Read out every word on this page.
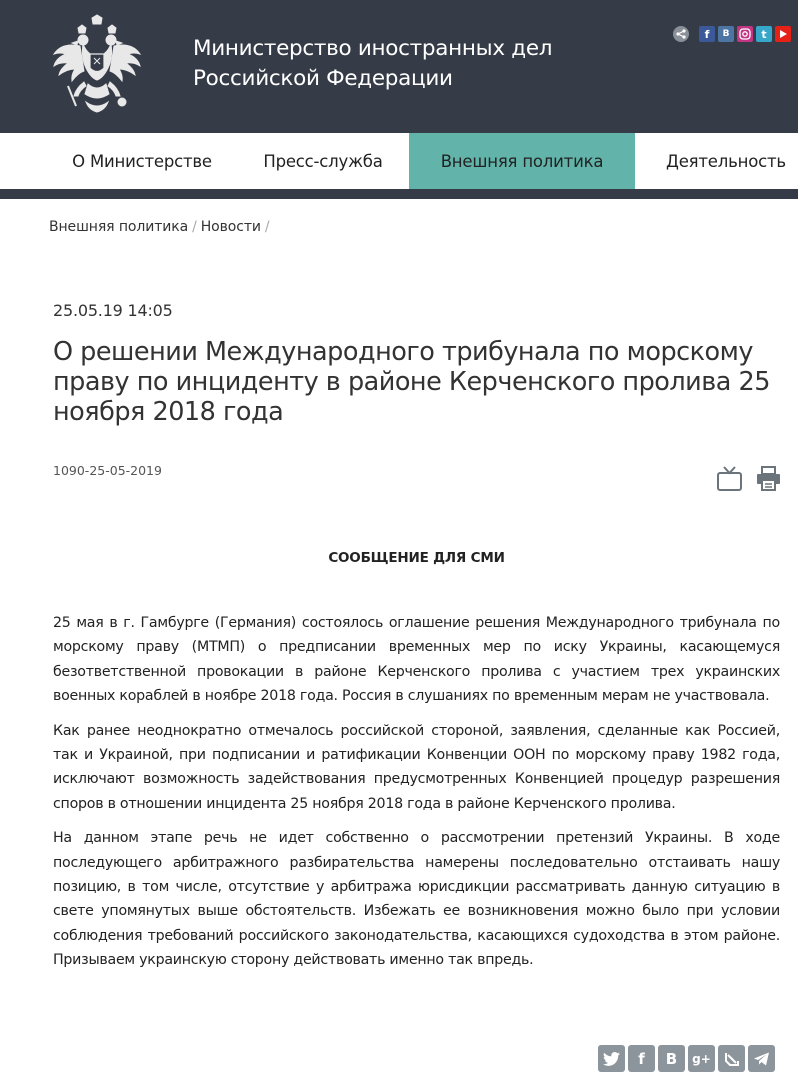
Министерство иностранных дел
Российской Федерации
f	B	t
О Министерстве	Пресс-служба	Внешняя политика	Деятельность
Внешняя политика / Новости /
25.05.19 14:05
О решении Международного трибунала по морскому праву по инциденту в районе Керченского пролива 25 ноября 2018 года
1090-25-05-2019
СООБЩЕНИЕ ДЛЯ СМИ

25 мая в г. Гамбурге (Германия) состоялось оглашение решения Международного трибунала по морскому праву (МТМП) о предписании временных мер по иску Украины, касающемуся безответственной провокации в районе Керченского пролива с участием трех украинских военных кораблей в ноябре 2018 года. Россия в слушаниях по временным мерам не участвовала.

Как ранее неоднократно отмечалось российской стороной, заявления, сделанные как Россией, так и Украиной, при подписании и ратификации Конвенции ООН по морскому праву 1982 года, исключают возможность задействования предусмотренных Конвенцией процедур разрешения споров в отношении инцидента 25 ноября 2018 года в районе Керченского пролива.

На данном этапе речь не идет собственно о рассмотрении претензий Украины. В ходе последующего арбитражного разбирательства намерены последовательно отстаивать нашу позицию, в том числе, отсутствие у арбитража юрисдикции рассматривать данную ситуацию в свете упомянутых выше обстоятельств. Избежать ее возникновения можно было при условии соблюдения требований российского законодательства, касающихся судоходства в этом районе. Призываем украинскую сторону действовать именно так впредь.

f	B	g+
